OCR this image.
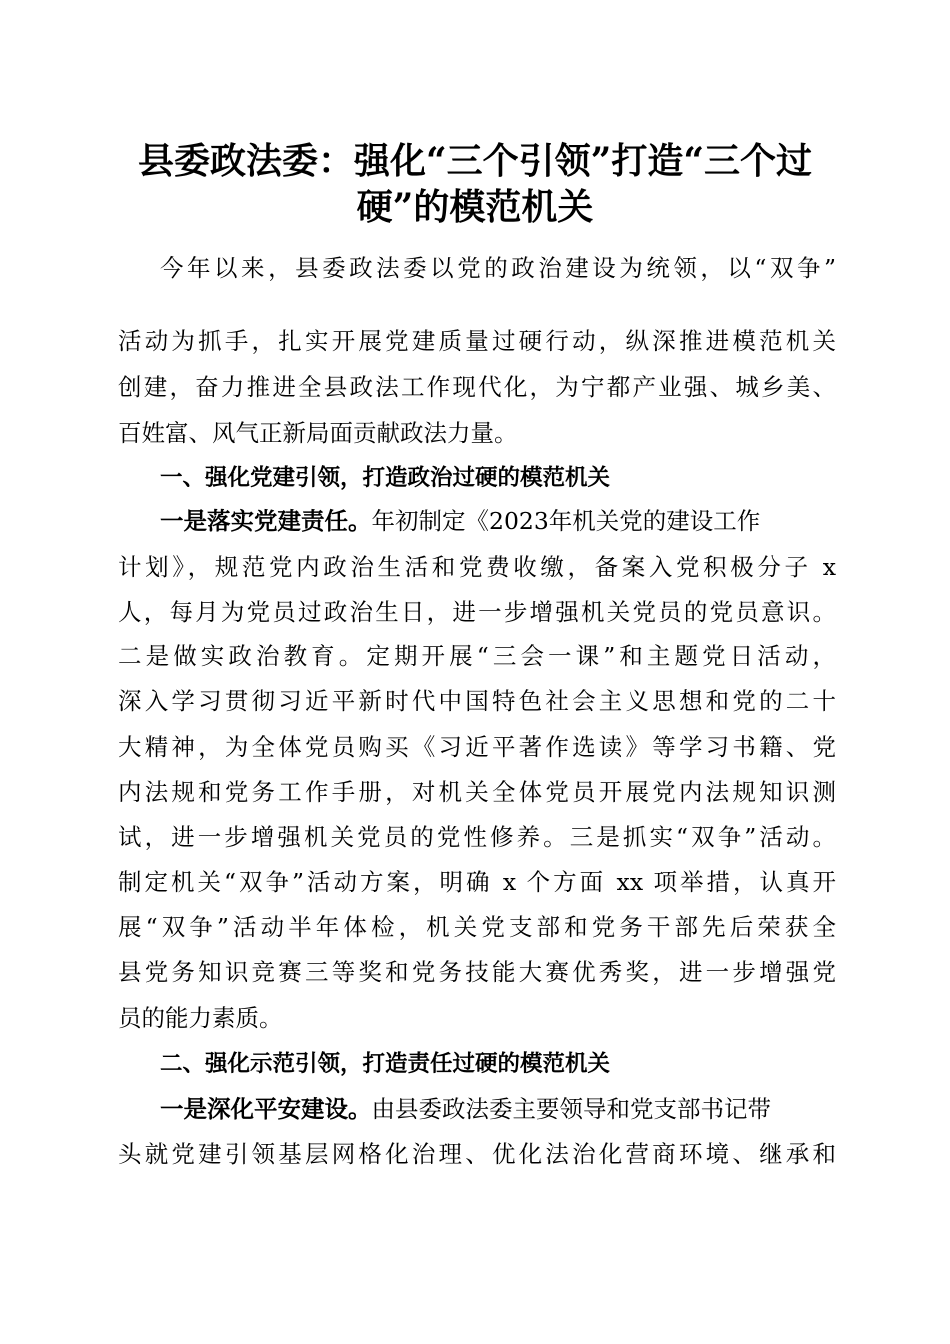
县委政法委：强化“三个引领”打造“三个过
硬”的模范机关
今年以来，县委政法委以党的政治建设为统领，以“双争”
活动为抓手，扎实开展党建质量过硬行动，纵深推进模范机关
创建，奋力推进全县政法工作现代化，为宁都产业强、城乡美、
百姓富、风气正新局面贡献政法力量。
一、强化党建引领，打造政治过硬的模范机关
一是落实党建责任。年初制定《2023年机关党的建设工作
计划》，规范党内政治生活和党费收缴，备案入党积极分子 x
人，每月为党员过政治生日，进一步增强机关党员的党员意识。
二是做实政治教育。定期开展“三会一课”和主题党日活动，
深入学习贯彻习近平新时代中国特色社会主义思想和党的二十
大精神，为全体党员购买《习近平著作选读》等学习书籍、党
内法规和党务工作手册，对机关全体党员开展党内法规知识测
试，进一步增强机关党员的党性修养。三是抓实“双争”活动。
制定机关“双争”活动方案，明确 x 个方面 xx 项举措，认真开
展“双争”活动半年体检，机关党支部和党务干部先后荣获全
县党务知识竞赛三等奖和党务技能大赛优秀奖，进一步增强党
员的能力素质。
二、强化示范引领，打造责任过硬的模范机关
一是深化平安建设。由县委政法委主要领导和党支部书记带
头就党建引领基层网格化治理、优化法治化营商环境、继承和
